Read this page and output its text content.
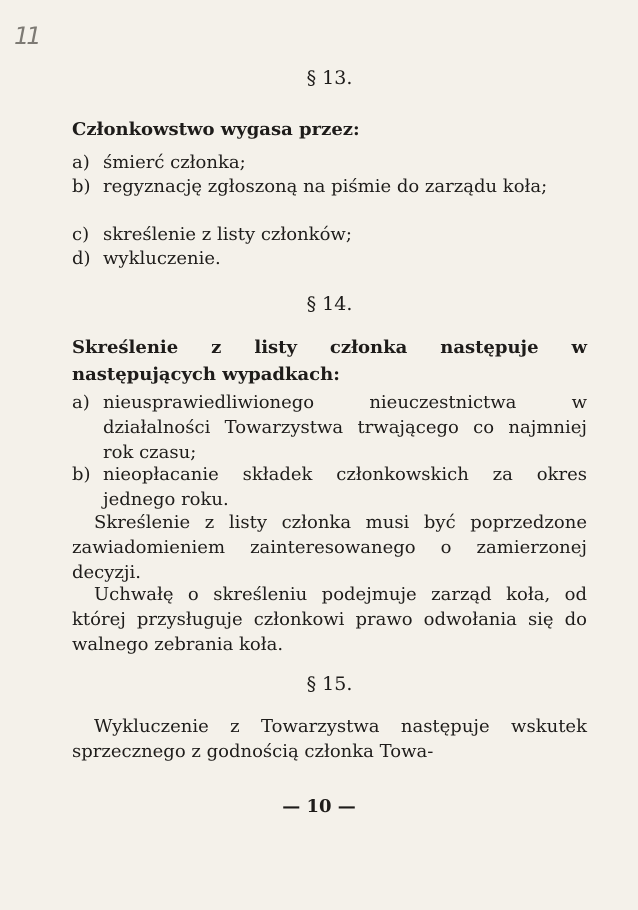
11
§ 13.
Członkowstwo wygasa przez:
a) śmierć członka;
b) regyznację zgłoszoną na piśmie do zarządu koła;
c) skreślenie z listy członków;
d) wykluczenie.
§ 14.
Skreślenie z listy członka następuje w następujących wypadkach:
a) nieusprawiedliwionego nieuczestnictwa w działalności Towarzystwa trwającego co najmniej rok czasu;
b) nieopłacanie składek członkowskich za okres jednego roku.
Skreślenie z listy członka musi być poprzedzone zawiadomieniem zainteresowanego o zamierzonej decyzji.
Uchwałę o skreśleniu podejmuje zarząd koła, od której przysługuje członkowi prawo odwołania się do walnego zebrania koła.
§ 15.
Wykluczenie z Towarzystwa następuje wskutek sprzecznego z godnością członka Towa-
— 10 —
